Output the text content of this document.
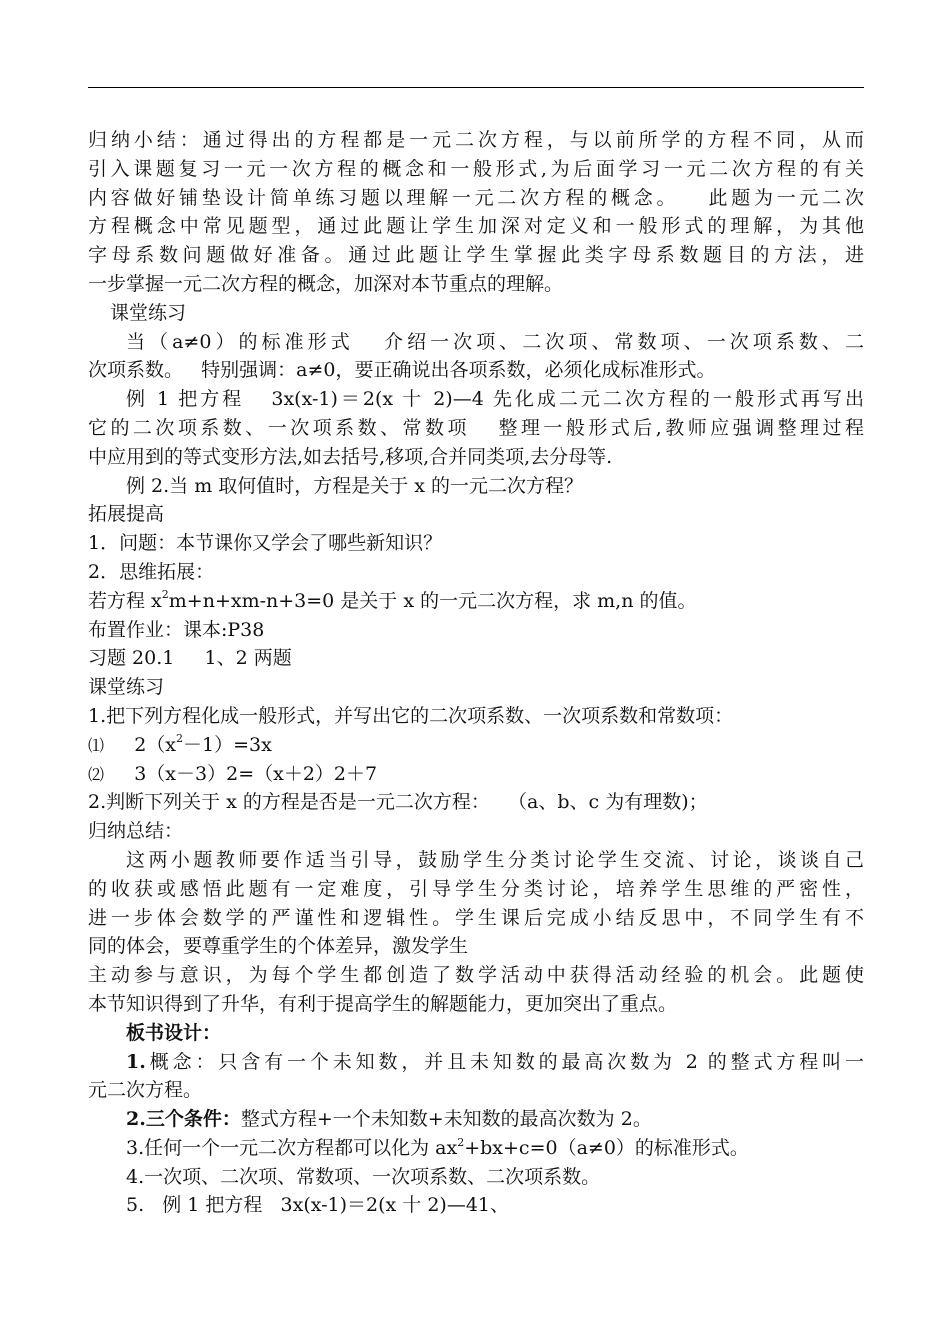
归纳小结：通过得出的方程都是一元二次方程，与以前所学的方程不同，从而
引入课题复习一元一次方程的概念和一般形式,为后面学习一元二次方程的有关
内容做好铺垫设计简单练习题以理解一元二次方程的概念。   此题为一元二次
方程概念中常见题型，通过此题让学生加深对定义和一般形式的理解，为其他
字母系数问题做好准备。通过此题让学生掌握此类字母系数题目的方法，进
一步掌握一元二次方程的概念，加深对本节重点的理解。
课堂练习
当（a≠0）的标准形式   介绍一次项、二次项、常数项、一次项系数、二
次项系数。   特别强调：a≠0，要正确说出各项系数，必须化成标准形式。
例 1 把方程   3x(x-1)＝2(x 十 2)—4 先化成二元二次方程的一般形式再写出
它的二次项系数、一次项系数、常数项   整理一般形式后,教师应强调整理过程
中应用到的等式变形方法,如去括号,移项,合并同类项,去分母等.
例 2.当 m 取何值时，方程是关于 x 的一元二次方程？
拓展提高
1．问题：本节课你又学会了哪些新知识？
2．思维拓展：
若方程 $x^2m+n+xm-n+3=0$ 是关于 x 的一元二次方程，求 m,n 的值。
布置作业：课本:P38
习题 20.1     1、2 两题
课堂练习
1.把下列方程化成一般形式，并写出它的二次项系数、一次项系数和常数项：
⑴     $2(x^2-1)=3x$
⑵     3（x－3）2=（x＋2）2＋7
2.判断下列关于 x 的方程是否是一元二次方程：   （a、b、c 为有理数)；
归纳总结：
这两小题教师要作适当引导，鼓励学生分类讨论学生交流、讨论，谈谈自己
的收获或感悟此题有一定难度，引导学生分类讨论，培养学生思维的严密性，
进一步体会数学的严谨性和逻辑性。学生课后完成小结反思中，不同学生有不
同的体会，要尊重学生的个体差异，激发学生
主动参与意识，为每个学生都创造了数学活动中获得活动经验的机会。此题使
本节知识得到了升华，有利于提高学生的解题能力，更加突出了重点。
板书设计：
1.概念：只含有一个未知数，并且未知数的最高次数为 2 的整式方程叫一
元二次方程。
2.三个条件：整式方程+一个未知数+未知数的最高次数为 2。
3.任何一个一元二次方程都可以化为 $ax^2+bx+c=0(a\ne 0)$的标准形式。
4.一次项、二次项、常数项、一次项系数、二次项系数。
5.   例 1 把方程   3x(x-1)＝2(x 十 2)—41、
